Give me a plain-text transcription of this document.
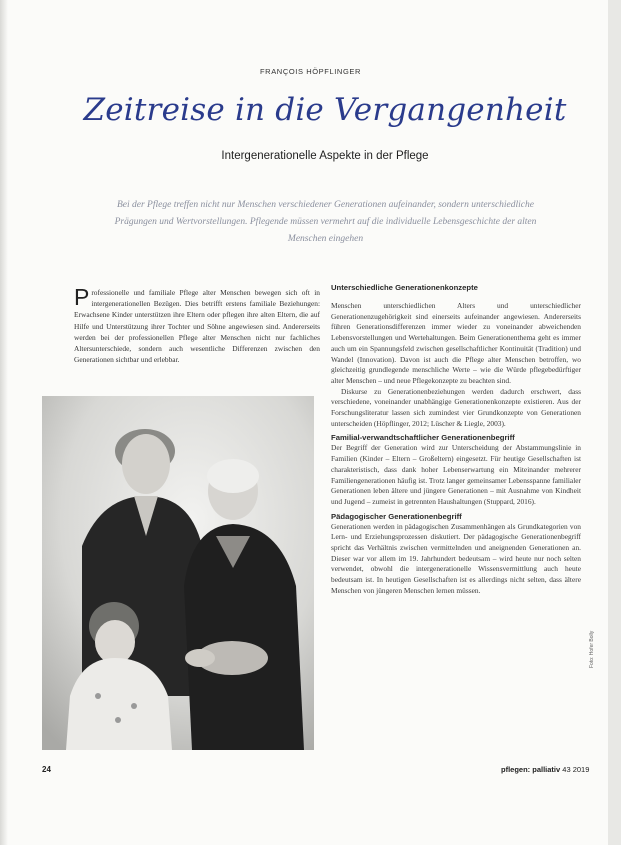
FRANÇOIS HÖPFLINGER
Zeitreise in die Vergangenheit
Intergenerationelle Aspekte in der Pflege
Bei der Pflege treffen nicht nur Menschen verschiedener Generationen aufeinander, sondern unterschiedliche Prägungen und Wertvorstellungen. Pflegende müssen vermehrt auf die individuelle Lebensgeschichte der alten Menschen eingehen
Professionelle und familiale Pflege alter Menschen bewegen sich oft in intergenerationellen Bezügen. Dies betrifft erstens familiale Beziehungen: Erwachsene Kinder unterstützen ihre Eltern oder pflegen ihre alten Eltern, die auf Hilfe und Unterstützung ihrer Tochter und Söhne angewiesen sind. Andererseits werden bei der professionellen Pflege alter Menschen nicht nur fachliches Altersunterschiede, sondern auch wesentliche Differenzen zwischen den Generationen sichtbar und erlebbar.
Unterschiedliche Generationenkonzepte

Menschen unterschiedlichen Alters und unterschiedlicher Generationenzugehörigkeit sind einerseits aufeinander angewiesen. Andererseits führen Generationsdifferenzen immer wieder zu voneinander abweichenden Lebensvorstellungen und Wertehaltungen. Beim Generationenthema geht es immer auch um ein Spannungsfeld zwischen gesellschaftlicher Kontinuität (Tradition) und Wandel (Innovation). Davon ist auch die Pflege alter Menschen betroffen, wo gleichzeitig grundlegende menschliche Werte – wie die Würde pflegebedürftiger alter Menschen – und neue Pflegekonzepte zu beachten sind.

Diskurse zu Generationenbeziehungen werden dadurch erschwert, dass verschiedene, voneinander unabhängige Generationenkonzepte existieren. Aus der Forschungsliteratur lassen sich zumindest vier Grundkonzepte von Generationen unterscheiden (Höpflinger, 2012; Lüscher & Liegle, 2003).

Familial-verwandtschaftlicher Generationenbegriff

Der Begriff der Generation wird zur Unterscheidung der Abstammungslinie in Familien (Kinder – Eltern – Großeltern) eingesetzt. Für heutige Gesellschaften ist charakteristisch, dass dank hoher Lebenserwartung ein Miteinander mehrerer Familiengenerationen häufig ist. Trotz langer gemeinsamer Lebensspanne familialer Generationen leben ältere und jüngere Generationen – mit Ausnahme von Kindheit und Jugend – zumeist in getrennten Haushaltungen (Stuppard, 2016).

Pädagogischer Generationenbegriff

Generationen werden in pädagogischen Zusammenhängen als Grundkategorien von Lern- und Erziehungsprozessen diskutiert. Der pädagogische Generationenbegriff spricht das Verhältnis zwischen vermittelnden und aneignenden Generationen an. Dieser war vor allem im 19. Jahrhundert bedeutsam – wird heute nur noch selten verwendet, obwohl die intergenerationelle Wissensvermittlung auch heute bedeutsam ist. In heutigen Gesellschaften ist es allerdings nicht selten, dass ältere Menschen von jüngeren Menschen lernen müssen.

Foto: Hofer Bolly
24	pflegen: palliativ 43 2019
